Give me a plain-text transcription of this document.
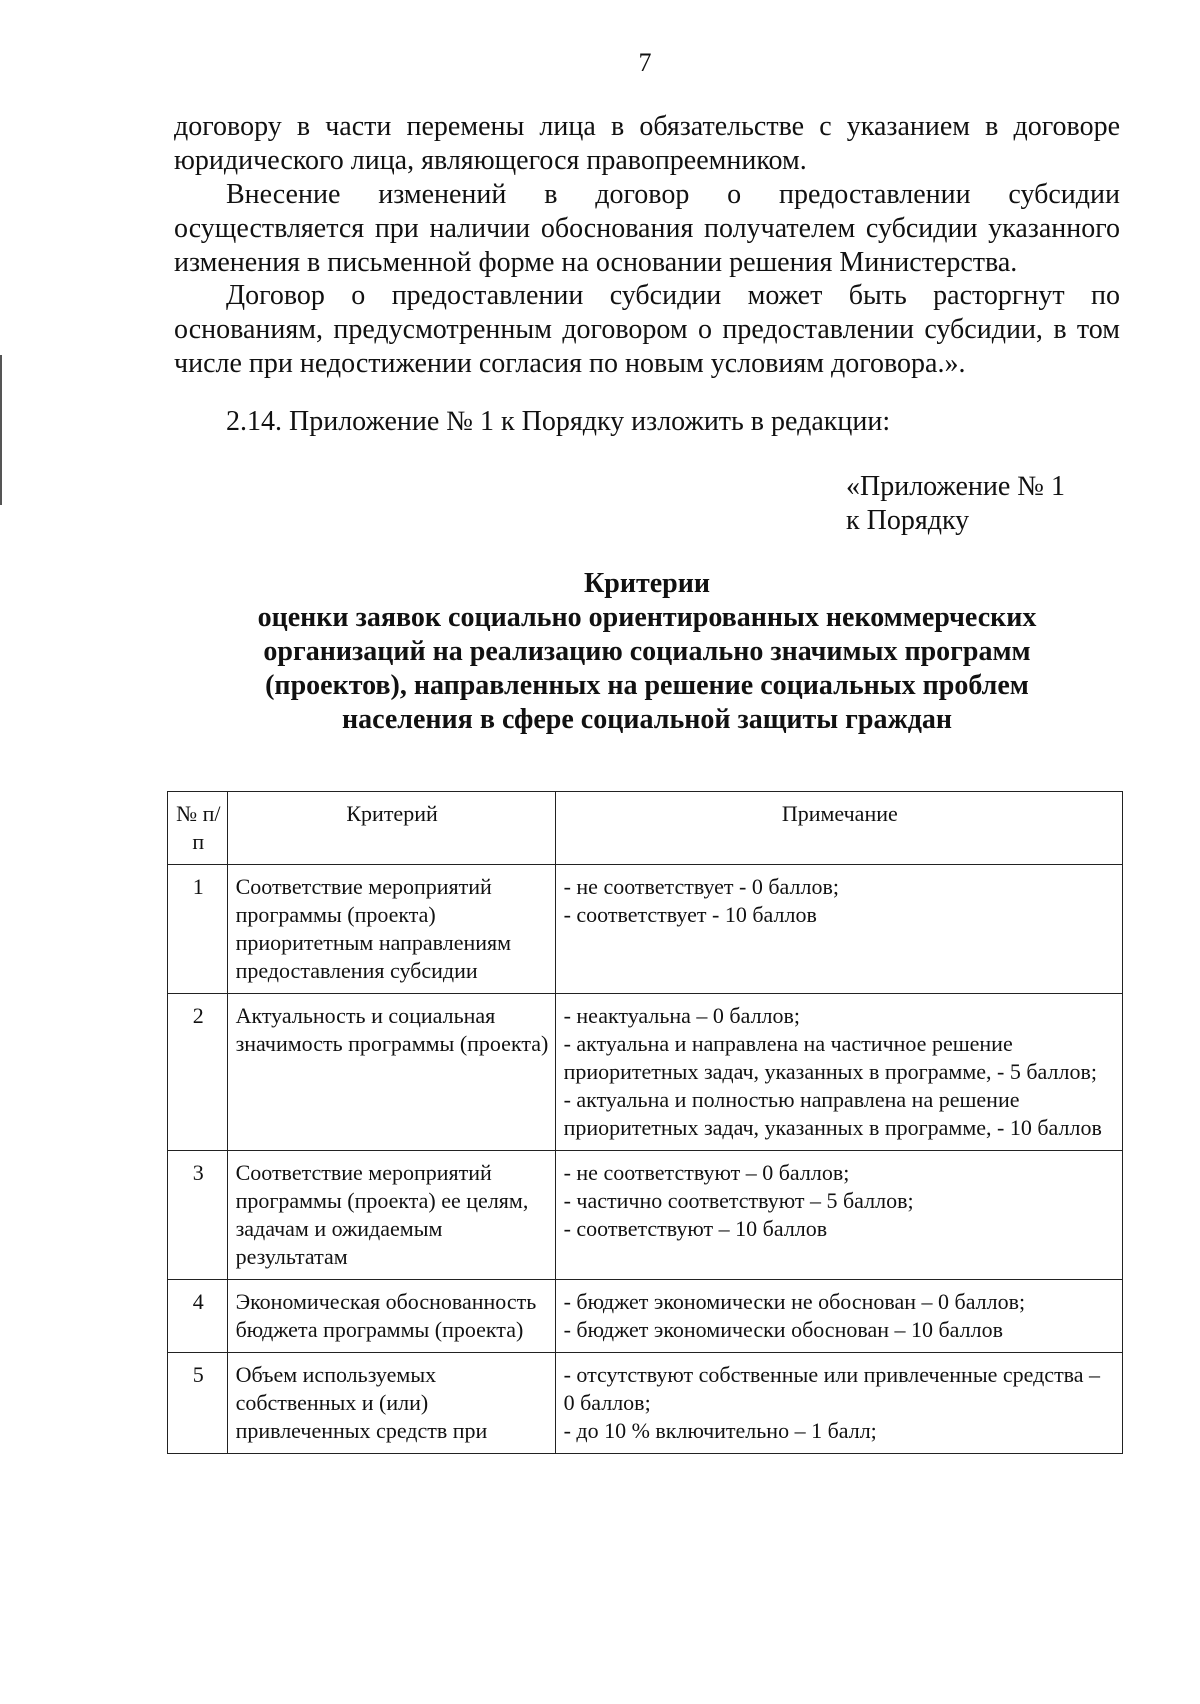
7

договору в части перемены лица в обязательстве с указанием в договоре юридического лица, являющегося правопреемником.

Внесение изменений в договор о предоставлении субсидии осуществляется при наличии обоснования получателем субсидии указанного изменения в письменной форме на основании решения Министерства.

Договор о предоставлении субсидии может быть расторгнут по основаниям, предусмотренным договором о предоставлении субсидии, в том числе при недостижении согласия по новым условиям договора.».

2.14. Приложение № 1 к Порядку изложить в редакции:
«Приложение № 1
к Порядку
Критерии
оценки заявок социально ориентированных некоммерческих
организаций на реализацию социально значимых программ
(проектов), направленных на решение социальных проблем
населения в сфере социальной защиты граждан
№ п/п	Критерий	Примечание
1	Соответствие мероприятий программы (проекта) приоритетным направлениям предоставления субсидии	- не соответствует - 0 баллов;
- соответствует - 10 баллов

2	Актуальность и социальная значимость программы (проекта)	- неактуальна – 0 баллов;
- актуальна и направлена на частичное решение приоритетных задач, указанных в программе, - 5 баллов;
- актуальна и полностью направлена на решение приоритетных задач, указанных в программе, - 10 баллов

3	Соответствие мероприятий программы (проекта) ее целям, задачам и ожидаемым результатам	- не соответствуют – 0 баллов;
- частично соответствуют – 5 баллов;
- соответствуют – 10 баллов

4	Экономическая обоснованность бюджета программы (проекта)	- бюджет экономически не обоснован – 0 баллов;
- бюджет экономически обоснован – 10 баллов

5	Объем используемых собственных и (или) привлеченных средств при	- отсутствуют собственные или привлеченные средства – 0 баллов;
- до 10 % включительно – 1 балл;
